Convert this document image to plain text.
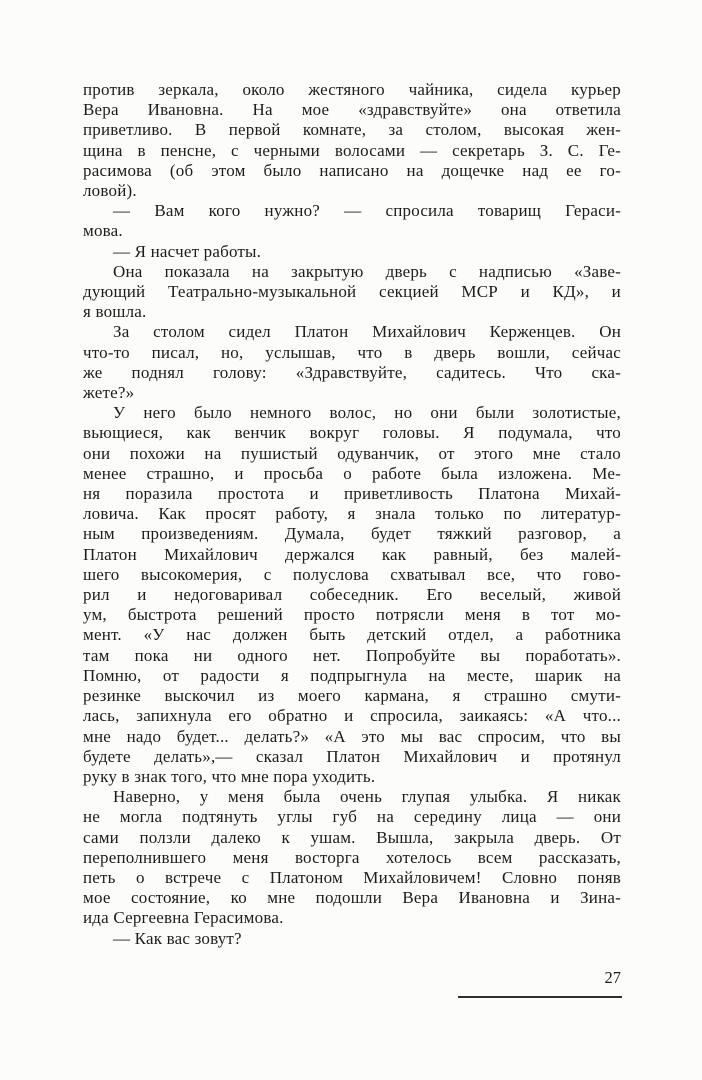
против зеркала, около жестяного чайника, сидела курьер
Вера Ивановна. На мое «здравствуйте» она ответила
приветливо. В первой комнате, за столом, высокая жен-
щина в пенсне, с черными волосами — секретарь З. С. Ге-
расимова (об этом было написано на дощечке над ее го-
ловой).

— Вам кого нужно? — спросила товарищ Гераси-
мова.

— Я насчет работы.

Она показала на закрытую дверь с надписью «Заве-
дующий Театрально-музыкальной секцией МСР и КД», и
я вошла.

За столом сидел Платон Михайлович Керженцев. Он
что-то писал, но, услышав, что в дверь вошли, сейчас
же поднял голову: «Здравствуйте, садитесь. Что ска-
жете?»

У него было немного волос, но они были золотистые,
вьющиеся, как венчик вокруг головы. Я подумала, что
они похожи на пушистый одуванчик, от этого мне стало
менее страшно, и просьба о работе была изложена. Ме-
ня поразила простота и приветливость Платона Михай-
ловича. Как просят работу, я знала только по литератур-
ным произведениям. Думала, будет тяжкий разговор, а
Платон Михайлович держался как равный, без малей-
шего высокомерия, с полуслова схватывал все, что гово-
рил и недоговаривал собеседник. Его веселый, живой
ум, быстрота решений просто потрясли меня в тот мо-
мент. «У нас должен быть детский отдел, а работника
там пока ни одного нет. Попробуйте вы поработать».
Помню, от радости я подпрыгнула на месте, шарик на
резинке выскочил из моего кармана, я страшно смути-
лась, запихнула его обратно и спросила, заикаясь: «А что...
мне надо будет... делать?» «А это мы вас спросим, что вы
будете делать»,— сказал Платон Михайлович и протянул
руку в знак того, что мне пора уходить.

Наверно, у меня была очень глупая улыбка. Я никак
не могла подтянуть углы губ на середину лица — они
сами ползли далеко к ушам. Вышла, закрыла дверь. От
переполнившего меня восторга хотелось всем рассказать,
петь о встрече с Платоном Михайловичем! Словно поняв
мое состояние, ко мне подошли Вера Ивановна и Зина-
ида Сергеевна Герасимова.

— Как вас зовут?

27
